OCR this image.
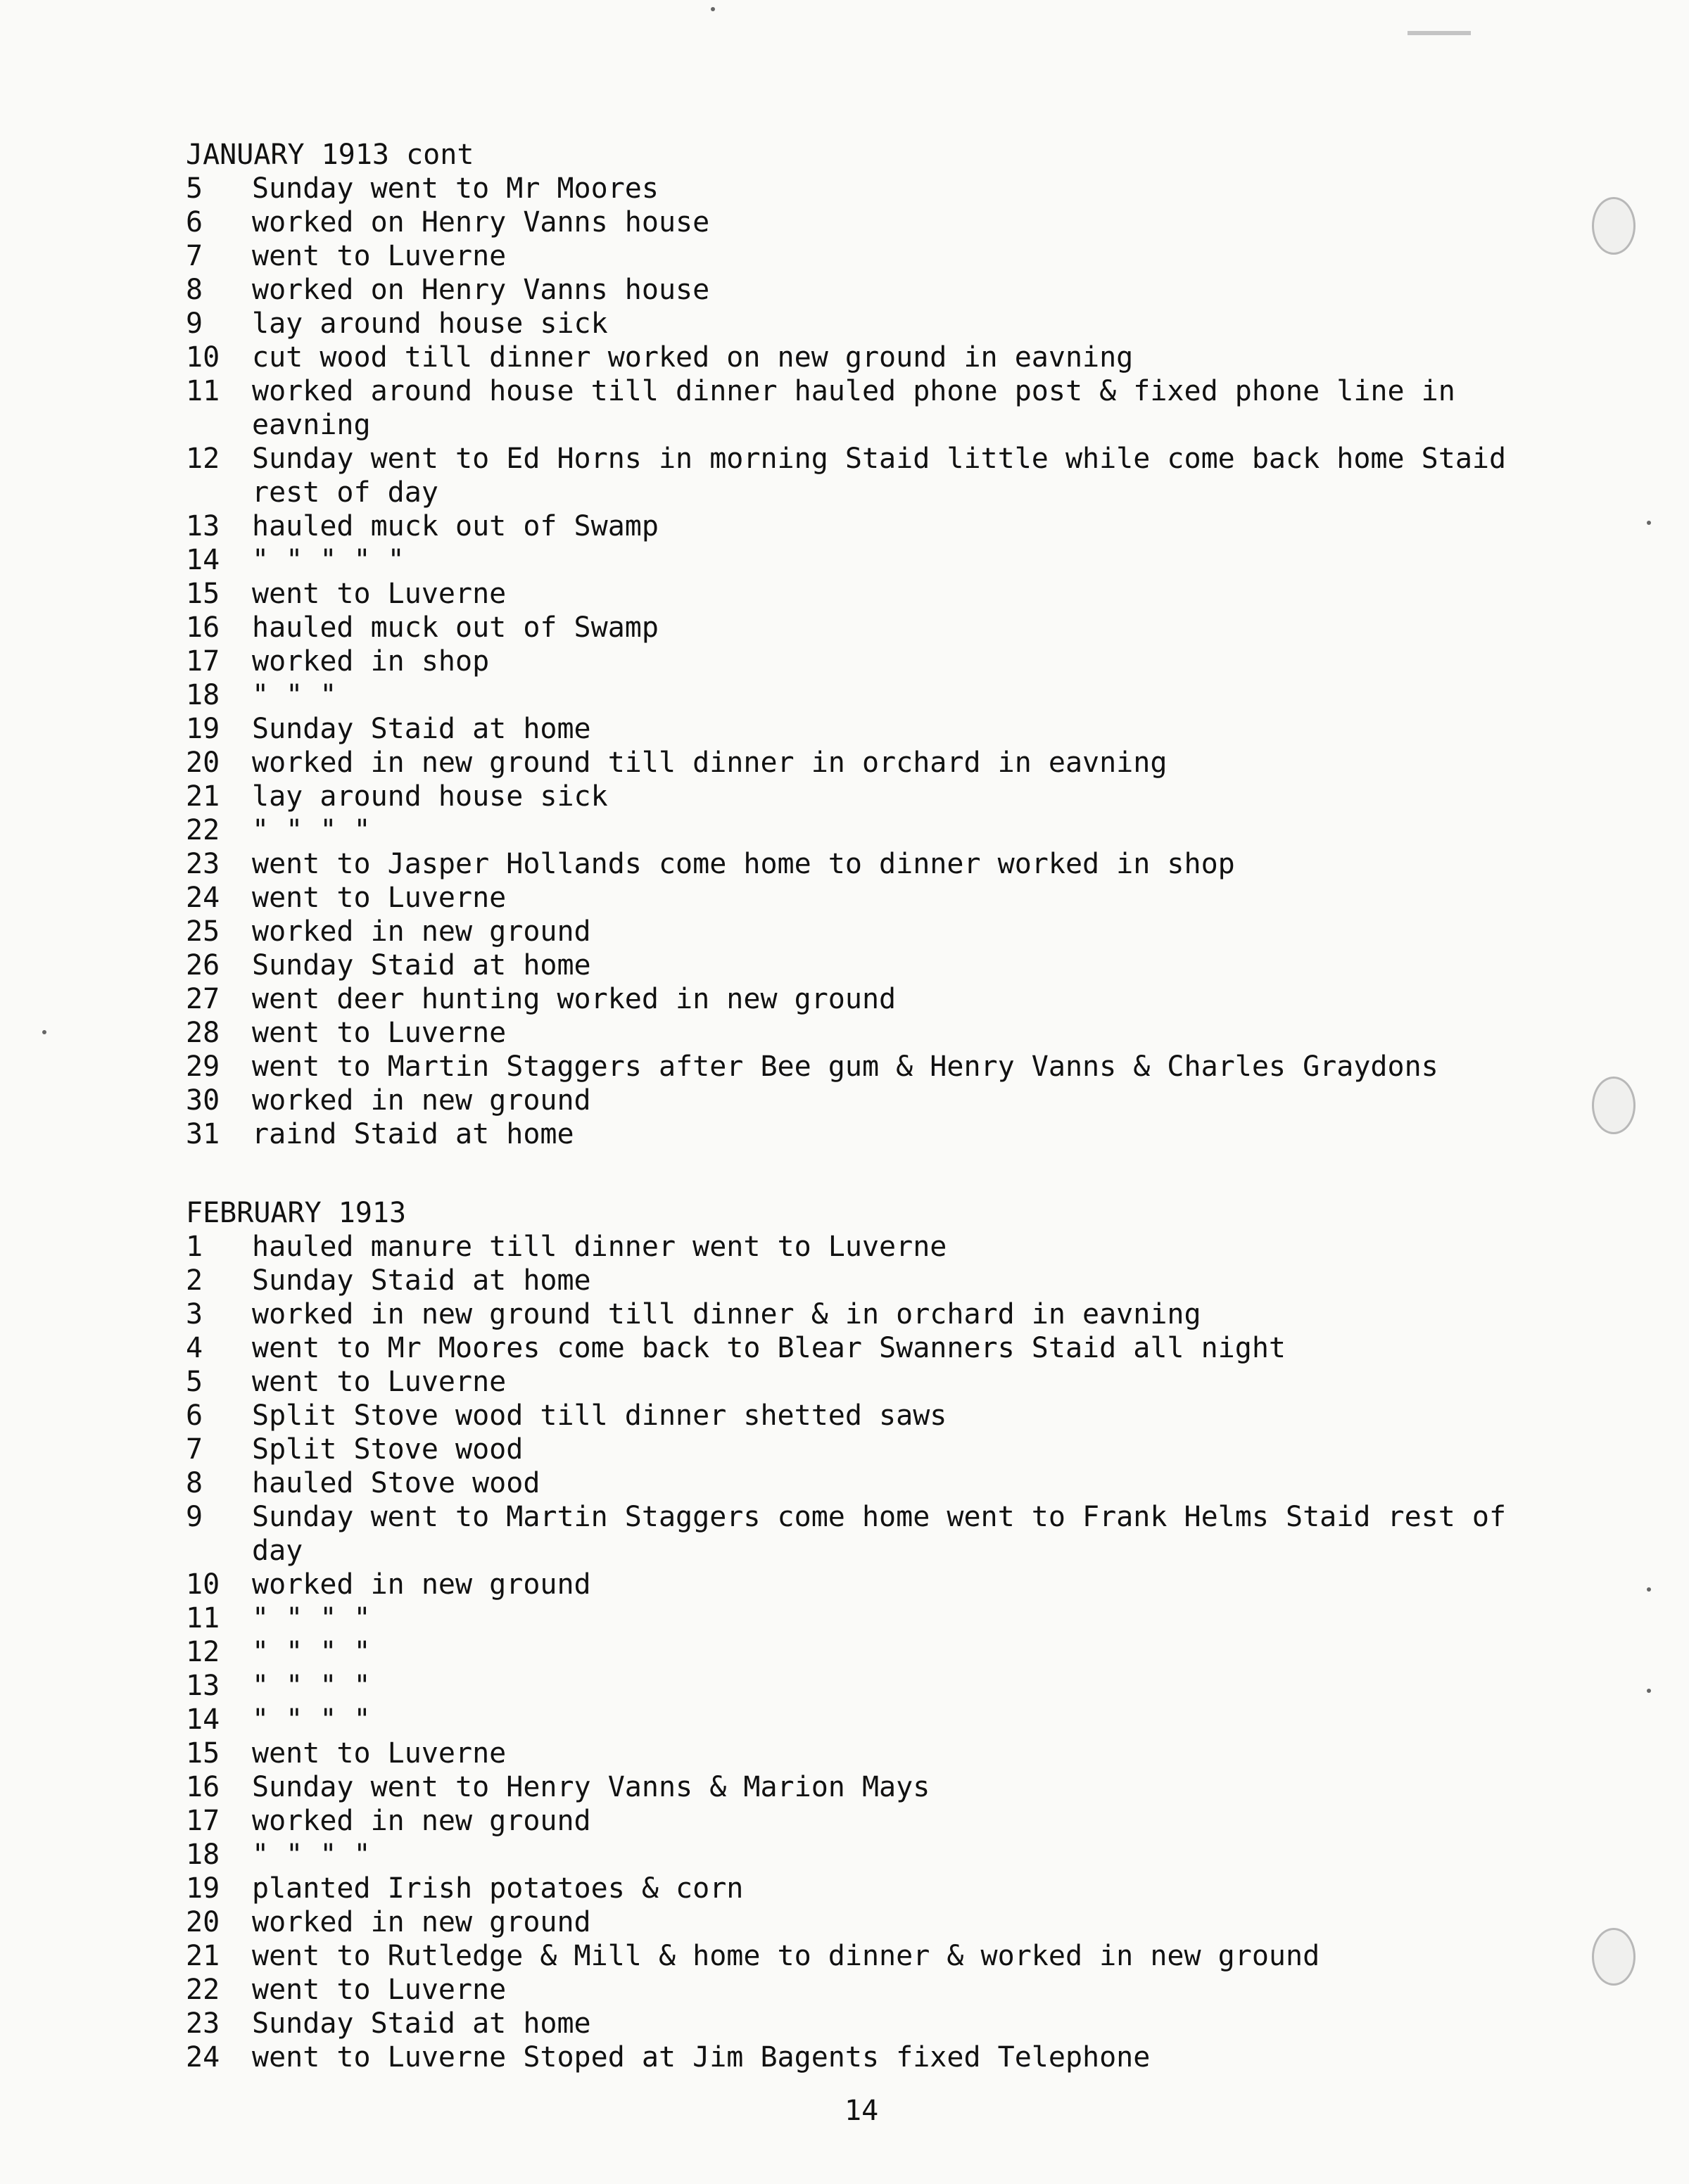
JANUARY 1913 cont
5 Sunday went to Mr Moores
6 worked on Henry Vanns house
7 went to Luverne
8 worked on Henry Vanns house
9 lay around house sick
10 cut wood till dinner worked on new ground in eavning
11 worked around house till dinner hauled phone post & fixed phone line in
eavning
12 Sunday went to Ed Horns in morning Staid little while come back home Staid
rest of day
13 hauled muck out of Swamp
14 " " " " "
15 went to Luverne
16 hauled muck out of Swamp
17 worked in shop
18 " " "
19 Sunday Staid at home
20 worked in new ground till dinner in orchard in eavning
21 lay around house sick
22 " " " "
23 went to Jasper Hollands come home to dinner worked in shop
24 went to Luverne
25 worked in new ground
26 Sunday Staid at home
27 went deer hunting worked in new ground
28 went to Luverne
29 went to Martin Staggers after Bee gum & Henry Vanns & Charles Graydons
30 worked in new ground
31 raind Staid at home
FEBRUARY 1913
1 hauled manure till dinner went to Luverne
2 Sunday Staid at home
3 worked in new ground till dinner & in orchard in eavning
4 went to Mr Moores come back to Blear Swanners Staid all night
5 went to Luverne
6 Split Stove wood till dinner shetted saws
7 Split Stove wood
8 hauled Stove wood
9 Sunday went to Martin Staggers come home went to Frank Helms Staid rest of
day
10 worked in new ground
11 " " " "
12 " " " "
13 " " " "
14 " " " "
15 went to Luverne
16 Sunday went to Henry Vanns & Marion Mays
17 worked in new ground
18 " " " "
19 planted Irish potatoes & corn
20 worked in new ground
21 went to Rutledge & Mill & home to dinner & worked in new ground
22 went to Luverne
23 Sunday Staid at home
24 went to Luverne Stoped at Jim Bagents fixed Telephone
14
